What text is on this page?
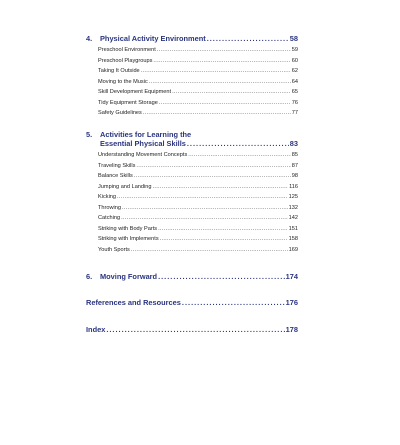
4.	Physical Activity Environment .....	58
Preschool Environment .....	59
Preschool Playgroups .....	60
Taking It Outside .....	62
Moving to the Music .....	64
Skill Development Equipment .....	65
Tidy Equipment Storage .....	76
Safety Guidelines .....	77
5.	Activities for Learning the
Essential Physical Skills .....	83
Understanding Movement Concepts .....	85
Traveling Skills .....	87
Balance Skills .....	98
Jumping and Landing .....	116
Kicking .....	125
Throwing .....	132
Catching .....	142
Striking with Body Parts .....	151
Striking with Implements .....	158
Youth Sports .....	169
6.	Moving Forward .....	174
References and Resources .....	176
Index .....	178
